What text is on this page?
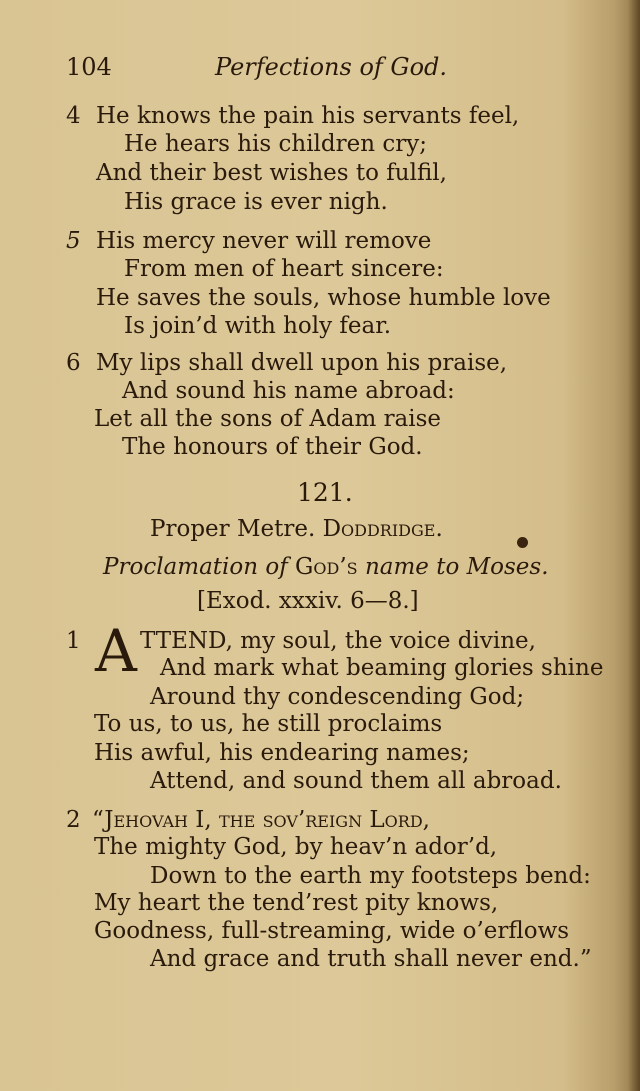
104	Perfections of God.
4 He knows the pain his servants feel,
He hears his children cry;
And their best wishes to fulfil,
His grace is ever nigh.
5 His mercy never will remove
From men of heart sincere:
He saves the souls, whose humble love
Is join’d with holy fear.
6 My lips shall dwell upon his praise,
And sound his name abroad:
Let all the sons of Adam raise
The honours of their God.
121.
Proper Metre. Doddridge.
Proclamation of God’s name to Moses.
[Exod. xxxiv. 6—8.]
1 A TTEND, my soul, the voice divine,
And mark what beaming glories shine
Around thy condescending God;
To us, to us, he still proclaims
His awful, his endearing names;
Attend, and sound them all abroad.
2 “Jehovah I, the sov’reign Lord,
The mighty God, by heav’n ador’d,
Down to the earth my footsteps bend:
My heart the tend’rest pity knows,
Goodness, full-streaming, wide o’erflows
And grace and truth shall never end.”
